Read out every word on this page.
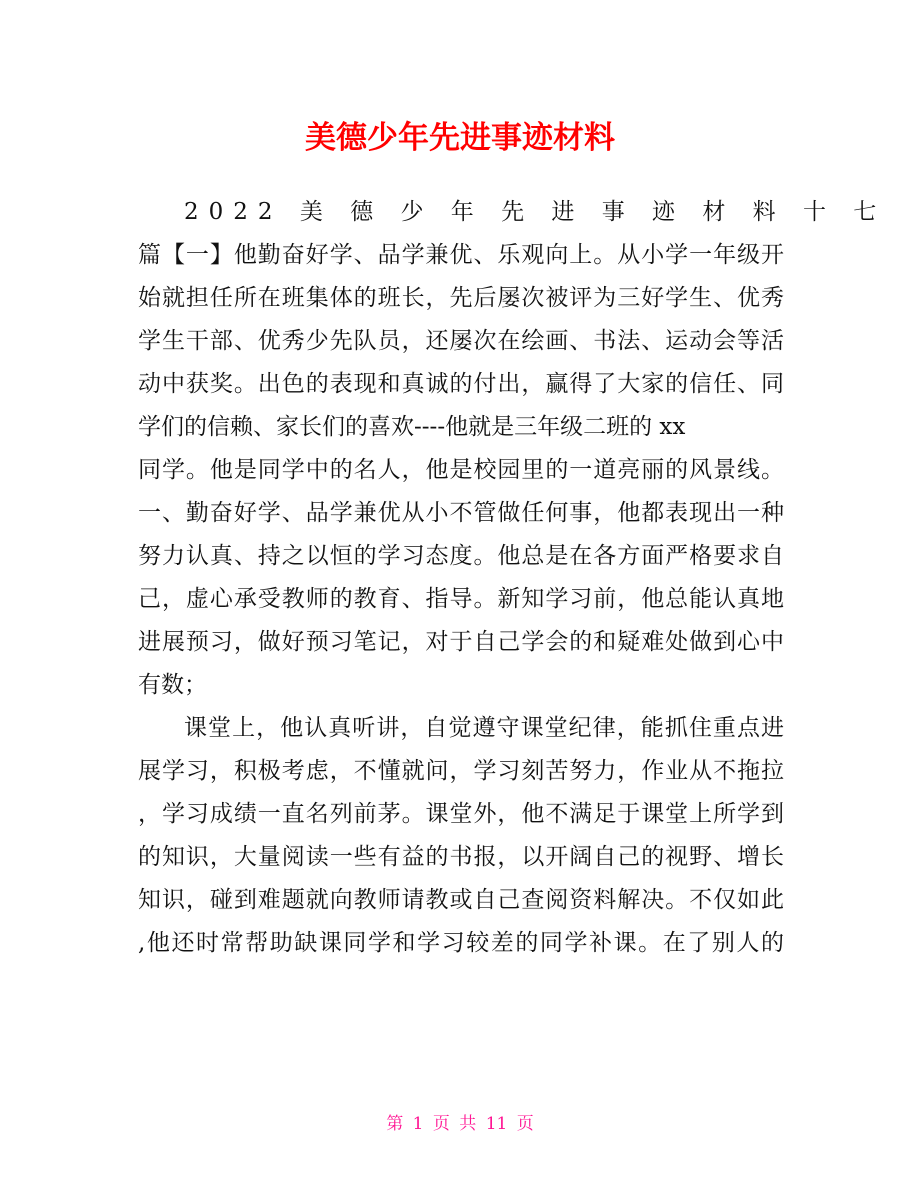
美德少年先进事迹材料
2022 美 德 少 年 先 进 事 迹 材 料 十 七
篇【一】他勤奋好学、品学兼优、乐观向上。从小学一年级开
始就担任所在班集体的班长，先后屡次被评为三好学生、优秀
学生干部、优秀少先队员，还屡次在绘画、书法、运动会等活
动中获奖。出色的表现和真诚的付出，赢得了大家的信任、同
学们的信赖、家长们的喜欢----他就是三年级二班的 xx
同学。他是同学中的名人，他是校园里的一道亮丽的风景线。
一、勤奋好学、品学兼优从小不管做任何事，他都表现出一种
努力认真、持之以恒的学习态度。他总是在各方面严格要求自
己，虚心承受教师的教育、指导。新知学习前，他总能认真地
进展预习，做好预习笔记，对于自己学会的和疑难处做到心中
有数；
课堂上，他认真听讲，自觉遵守课堂纪律，能抓住重点进
展学习，积极考虑，不懂就问，学习刻苦努力，作业从不拖拉
，学习成绩一直名列前茅。课堂外，他不满足于课堂上所学到
的知识，大量阅读一些有益的书报，以开阔自己的视野、增长
知识，碰到难题就向教师请教或自己查阅资料解决。不仅如此
,他还时常帮助缺课同学和学习较差的同学补课。在了别人的
第 1 页 共 11 页
